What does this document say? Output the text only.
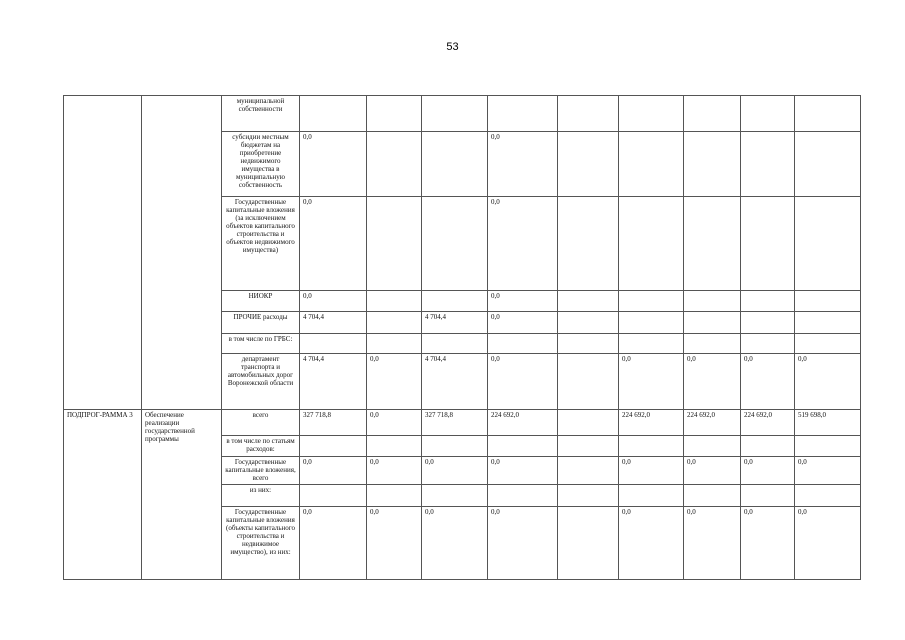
53
		муниципальной собственности										
		субсидии местным бюджетам на приобретение недвижимого имущества в муниципальную собственность	0,0			0,0						
		Государственные капитальные вложения (за исключением объектов капитального строительства и объектов недвижимого имущества)	0,0			0,0						
		НИОКР	0,0			0,0						
		ПРОЧИЕ расходы	4 704,4		4 704,4	0,0						
		в том числе по ГРБС:										
		департамент транспорта и автомобильных дорог Воронежской области	4 704,4	0,0	4 704,4	0,0		0,0	0,0	0,0	0,0	
ПОДПРОГ-РАММА 3	Обеспечение реализации государственной программы	всего	327 718,8	0,0	327 718,8	224 692,0		224 692,0	224 692,0	224 692,0	519 698,0	
		в том числе по статьям расходов:										
		Государственные капитальные вложения, всего	0,0	0,0	0,0	0,0		0,0	0,0	0,0	0,0	
		из них:										
		Государственные капитальные вложения (объекты капитального строительства и недвижимое имущество), из них:	0,0	0,0	0,0	0,0		0,0	0,0	0,0	0,0	
